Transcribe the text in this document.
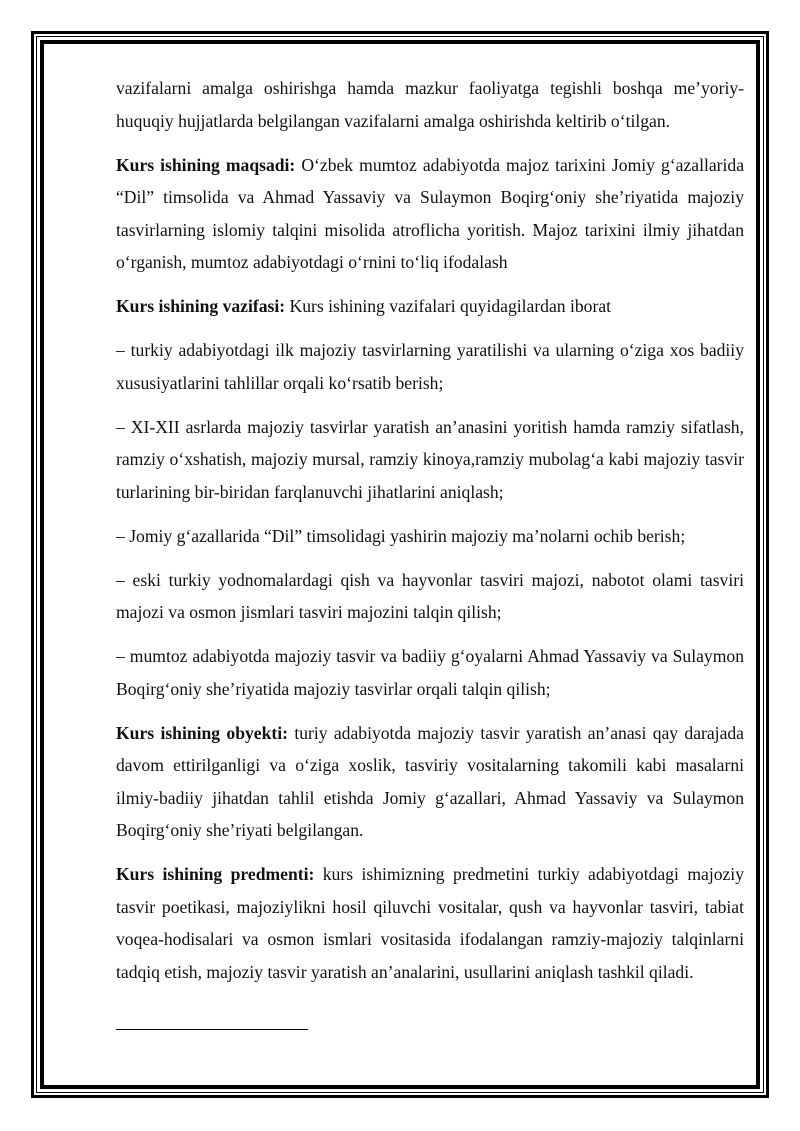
vazifalarni amalga oshirishga hamda mazkur faoliyatga tegishli boshqa me’yoriy-huquqiy hujjatlarda belgilangan vazifalarni amalga oshirishda keltirib o‘tilgan.

Kurs ishining maqsadi: O‘zbek mumtoz adabiyotda majoz tarixini Jomiy g‘azallarida “Dil” timsolida va Ahmad Yassaviy va Sulaymon Boqirg‘oniy she’riyatida majoziy tasvirlarning islomiy talqini misolida atroflicha yoritish. Majoz tarixini ilmiy jihatdan o‘rganish, mumtoz adabiyotdagi o‘rnini to‘liq ifodalash

Kurs ishining vazifasi: Kurs ishining vazifalari quyidagilardan iborat

– turkiy adabiyotdagi ilk majoziy tasvirlarning yaratilishi va ularning o‘ziga xos badiiy xususiyatlarini tahlillar orqali ko‘rsatib berish;

– XI-XII asrlarda majoziy tasvirlar yaratish an’anasini yoritish hamda ramziy sifatlash, ramziy o‘xshatish, majoziy mursal, ramziy kinoya,ramziy mubolag‘a kabi majoziy tasvir turlarining bir-biridan farqlanuvchi jihatlarini aniqlash;

– Jomiy g‘azallarida “Dil” timsolidagi yashirin majoziy ma’nolarni ochib berish;

– eski turkiy yodnomalardagi qish va hayvonlar tasviri majozi, nabotot olami tasviri majozi va osmon jismlari tasviri majozini talqin qilish;

– mumtoz adabiyotda majoziy tasvir va badiiy g‘oyalarni Ahmad Yassaviy va Sulaymon Boqirg‘oniy she’riyatida majoziy tasvirlar orqali talqin qilish;

Kurs ishining obyekti: turiy adabiyotda majoziy tasvir yaratish an’anasi qay darajada davom ettirilganligi va o‘ziga xoslik, tasviriy vositalarning takomili kabi masalarni ilmiy-badiiy jihatdan tahlil etishda Jomiy g‘azallari, Ahmad Yassaviy va Sulaymon Boqirg‘oniy she’riyati belgilangan.

Kurs ishining predmenti: kurs ishimizning predmetini turkiy adabiyotdagi majoziy tasvir poetikasi, majoziylikni hosil qiluvchi vositalar, qush va hayvonlar tasviri, tabiat voqea-hodisalari va osmon ismlari vositasida ifodalangan ramziy-majoziy talqinlarni tadqiq etish, majoziy tasvir yaratish an’analarini, usullarini aniqlash tashkil qiladi.
